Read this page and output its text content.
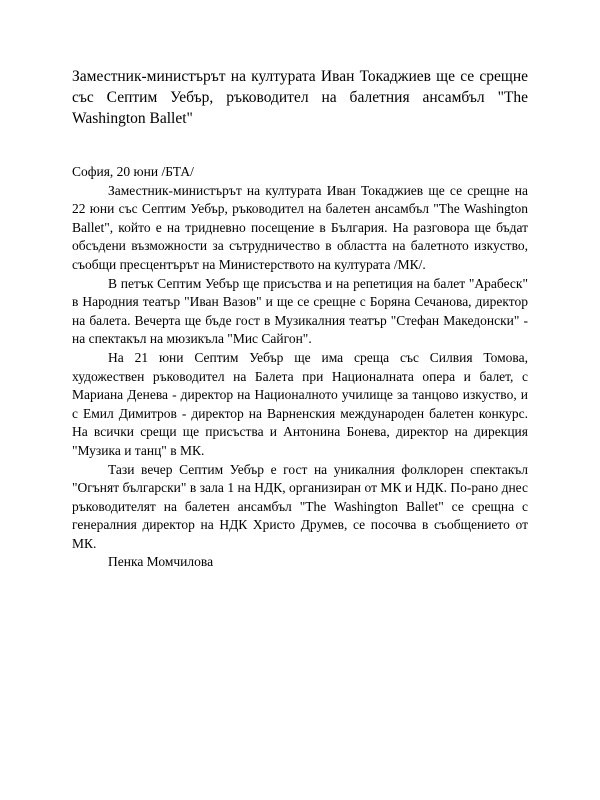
Заместник-министърът на културата Иван Токаджиев ще се срещне със Септим Уебър, ръководител на балетния ансамбъл "The Washington Ballet"

София, 20 юни /БТА/

Заместник-министърът на културата Иван Токаджиев ще се срещне на 22 юни със Септим Уебър, ръководител на балетен ансамбъл "The Washington Ballet", който е на тридневно посещение в България. На разговора ще бъдат обсъдени възможности за сътрудничество в областта на балетното изкуство, съобщи пресцентърът на Министерството на културата /МК/.

В петък Септим Уебър ще присъства и на репетиция на балет "Арабеск" в Народния театър "Иван Вазов" и ще се срещне с Боряна Сечанова, директор на балета. Вечерта ще бъде гост в Музикалния театър "Стефан Македонски" - на спектакъл на мюзикъла "Мис Сайгон".

На 21 юни Септим Уебър ще има среща със Силвия Томова, художествен ръководител на Балета при Националната опера и балет, с Мариана Денева - директор на Националното училище за танцово изкуство, и с Емил Димитров - директор на Варненския международен балетен конкурс. На всички срещи ще присъства и Антонина Бонева, директор на дирекция "Музика и танц" в МК.

Тази вечер Септим Уебър е гост на уникалния фолклорен спектакъл "Огънят български" в зала 1 на НДК, организиран от МК и НДК. По-рано днес ръководителят на балетен ансамбъл "The Washington Ballet" се срещна с генералния директор на НДК Христо Друмев, се посочва в съобщението от МК.

Пенка Момчилова
